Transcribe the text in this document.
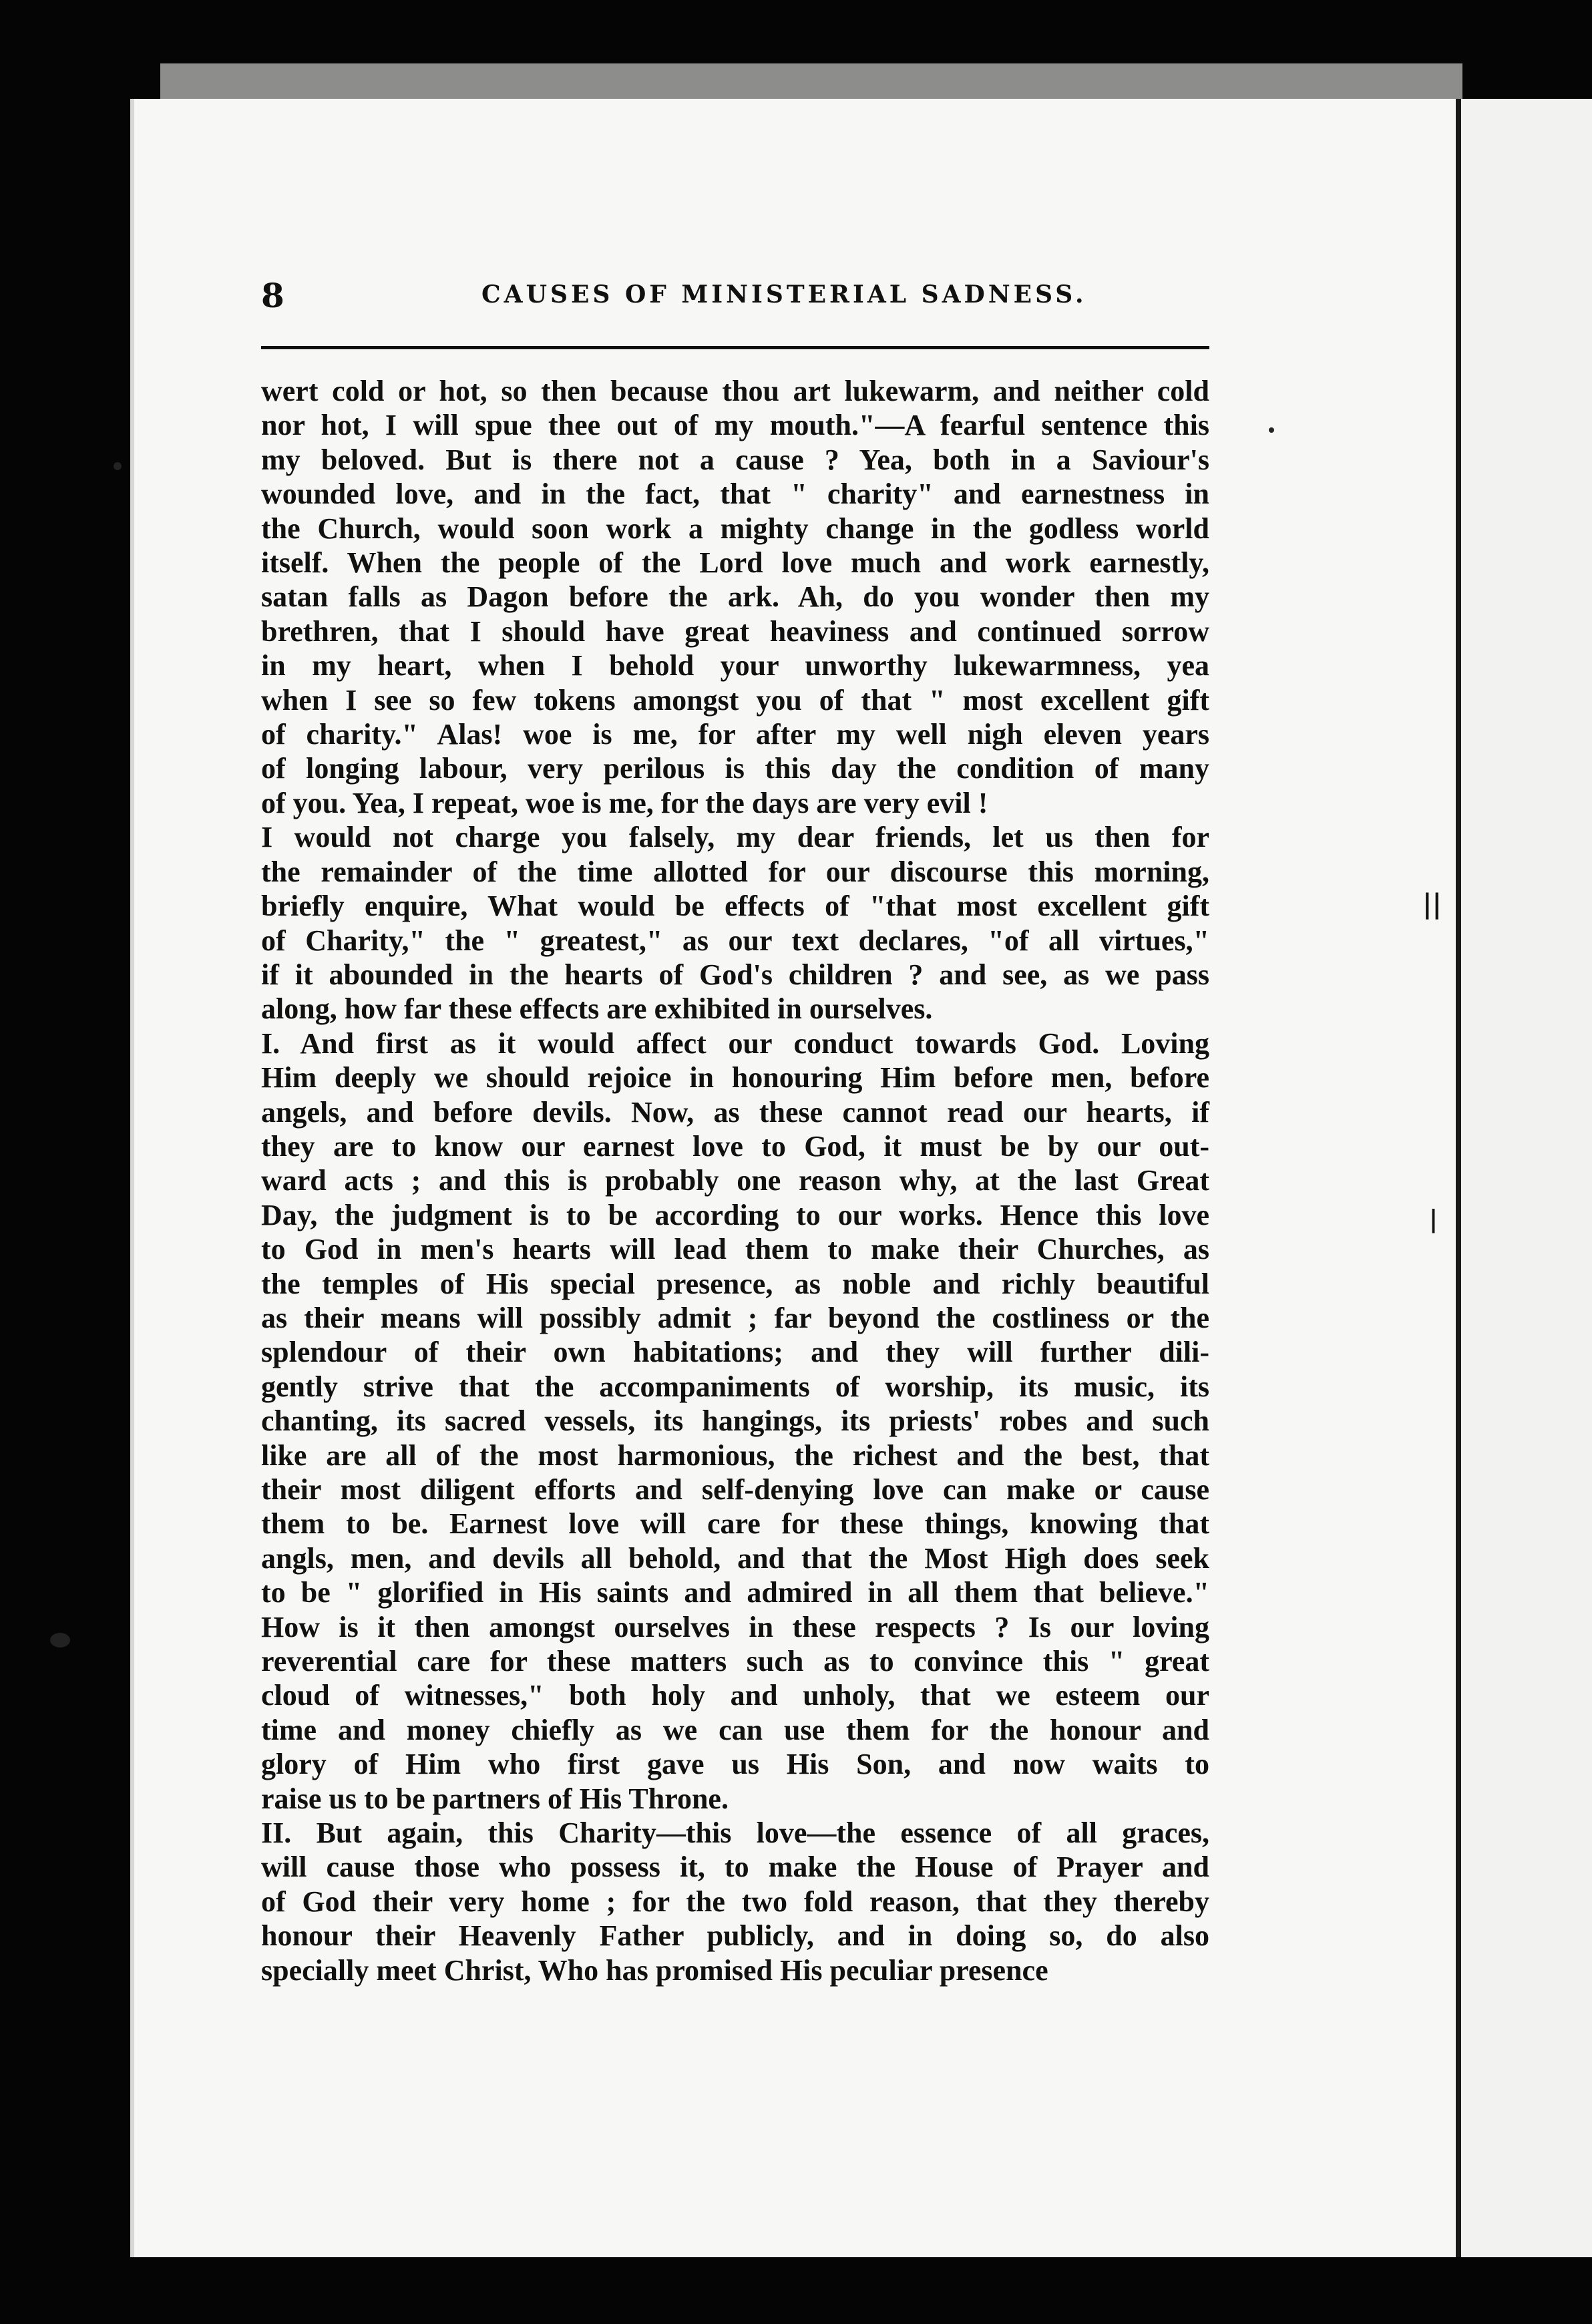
8	CAUSES OF MINISTERIAL SADNESS.
wert cold or hot, so then because thou art lukewarm, and neither cold
nor hot, I will spue thee out of my mouth."—A fearful sentence this
my beloved. But is there not a cause ? Yea, both in a Saviour's
wounded love, and in the fact, that " charity" and earnestness in
the Church, would soon work a mighty change in the godless world
itself. When the people of the Lord love much and work earnestly,
satan falls as Dagon before the ark. Ah, do you wonder then my
brethren, that I should have great heaviness and continued sorrow
in my heart, when I behold your unworthy lukewarmness, yea
when I see so few tokens amongst you of that " most excellent gift
of charity." Alas! woe is me, for after my well nigh eleven years
of longing labour, very perilous is this day the condition of many
of you. Yea, I repeat, woe is me, for the days are very evil !
I would not charge you falsely, my dear friends, let us then for
the remainder of the time allotted for our discourse this morning,
briefly enquire, What would be effects of "that most excellent gift
of Charity," the " greatest," as our text declares, "of all virtues,"
if it abounded in the hearts of God's children ? and see, as we pass
along, how far these effects are exhibited in ourselves.
I. And first as it would affect our conduct towards God. Loving
Him deeply we should rejoice in honouring Him before men, before
angels, and before devils. Now, as these cannot read our hearts, if
they are to know our earnest love to God, it must be by our out-
ward acts ; and this is probably one reason why, at the last Great
Day, the judgment is to be according to our works. Hence this love
to God in men's hearts will lead them to make their Churches, as
the temples of His special presence, as noble and richly beautiful
as their means will possibly admit ; far beyond the costliness or the
splendour of their own habitations; and they will further dili-
gently strive that the accompaniments of worship, its music, its
chanting, its sacred vessels, its hangings, its priests' robes and such
like are all of the most harmonious, the richest and the best, that
their most diligent efforts and self-denying love can make or cause
them to be. Earnest love will care for these things, knowing that
angls, men, and devils all behold, and that the Most High does seek
to be " glorified in His saints and admired in all them that believe."
How is it then amongst ourselves in these respects ? Is our loving
reverential care for these matters such as to convince this " great
cloud of witnesses," both holy and unholy, that we esteem our
time and money chiefly as we can use them for the honour and
glory of Him who first gave us His Son, and now waits to
raise us to be partners of His Throne.
II. But again, this Charity—this love—the essence of all graces,
will cause those who possess it, to make the House of Prayer and
of God their very home ; for the two fold reason, that they thereby
honour their Heavenly Father publicly, and in doing so, do also
specially meet Christ, Who has promised His peculiar presence
||
|
